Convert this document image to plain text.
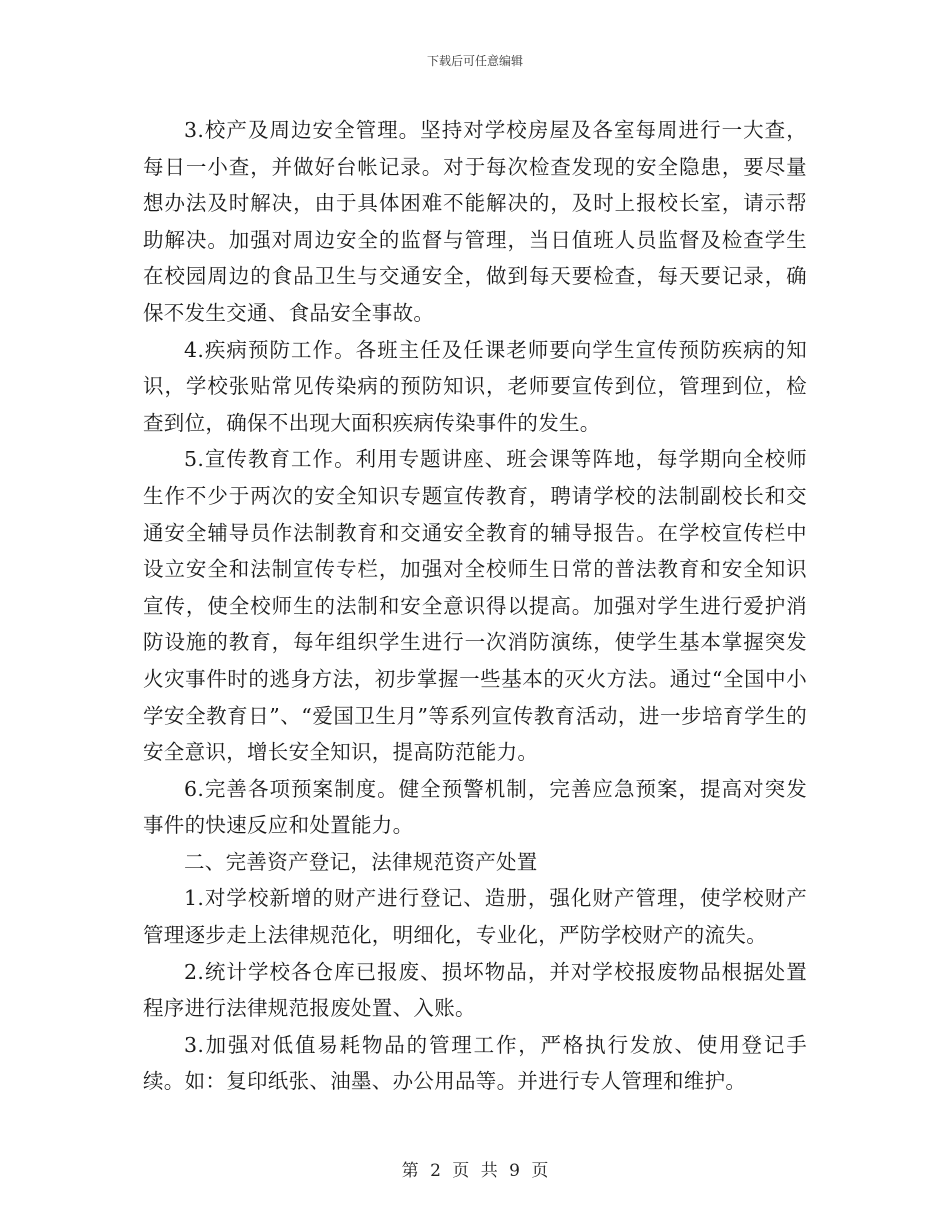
下载后可任意编辑

3.校产及周边安全管理。坚持对学校房屋及各室每周进行一大查，每日一小查，并做好台帐记录。对于每次检查发现的安全隐患，要尽量想办法及时解决，由于具体困难不能解决的，及时上报校长室，请示帮助解决。加强对周边安全的监督与管理，当日值班人员监督及检查学生在校园周边的食品卫生与交通安全，做到每天要检查，每天要记录，确保不发生交通、食品安全事故。

4.疾病预防工作。各班主任及任课老师要向学生宣传预防疾病的知识，学校张贴常见传染病的预防知识，老师要宣传到位，管理到位，检查到位，确保不出现大面积疾病传染事件的发生。

5.宣传教育工作。利用专题讲座、班会课等阵地，每学期向全校师生作不少于两次的安全知识专题宣传教育，聘请学校的法制副校长和交通安全辅导员作法制教育和交通安全教育的辅导报告。在学校宣传栏中设立安全和法制宣传专栏，加强对全校师生日常的普法教育和安全知识宣传，使全校师生的法制和安全意识得以提高。加强对学生进行爱护消防设施的教育，每年组织学生进行一次消防演练，使学生基本掌握突发火灾事件时的逃身方法，初步掌握一些基本的灭火方法。通过“全国中小学安全教育日”、“爱国卫生月”等系列宣传教育活动，进一步培育学生的安全意识，增长安全知识，提高防范能力。

6.完善各项预案制度。健全预警机制，完善应急预案，提高对突发事件的快速反应和处置能力。

二、完善资产登记，法律规范资产处置

1.对学校新增的财产进行登记、造册，强化财产管理，使学校财产管理逐步走上法律规范化，明细化，专业化，严防学校财产的流失。

2.统计学校各仓库已报废、损坏物品，并对学校报废物品根据处置程序进行法律规范报废处置、入账。

3.加强对低值易耗物品的管理工作，严格执行发放、使用登记手续。如：复印纸张、油墨、办公用品等。并进行专人管理和维护。

第 2 页 共 9 页
